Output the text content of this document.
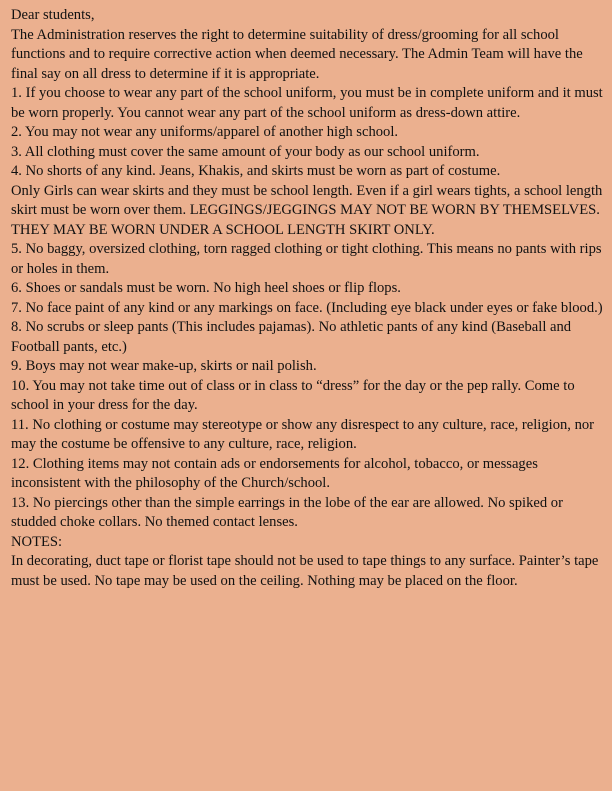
Dear students,

The Administration reserves the right to determine suitability of dress/grooming for all school functions and to require corrective action when deemed necessary. The Admin Team will have the final say on all dress to determine if it is appropriate.

1. If you choose to wear any part of the school uniform, you must be in complete uniform and it must be worn properly. You cannot wear any part of the school uniform as dress-down attire.

2. You may not wear any uniforms/apparel of another high school.

3. All clothing must cover the same amount of your body as our school uniform.

4. No shorts of any kind. Jeans, Khakis, and skirts must be worn as part of costume.

Only Girls can wear skirts and they must be school length. Even if a girl wears tights, a school length skirt must be worn over them. LEGGINGS/JEGGINGS MAY NOT BE WORN BY THEMSELVES. THEY MAY BE WORN UNDER A SCHOOL LENGTH SKIRT ONLY.

5. No baggy, oversized clothing, torn ragged clothing or tight clothing. This means no pants with rips or holes in them.

6. Shoes or sandals must be worn. No high heel shoes or flip flops.

7. No face paint of any kind or any markings on face. (Including eye black under eyes or fake blood.)

8. No scrubs or sleep pants (This includes pajamas). No athletic pants of any kind (Baseball and Football pants, etc.)

9. Boys may not wear make-up, skirts or nail polish.

10. You may not take time out of class or in class to “dress” for the day or the pep rally. Come to school in your dress for the day.

11. No clothing or costume may stereotype or show any disrespect to any culture, race, religion, nor may the costume be offensive to any culture, race, religion.

12. Clothing items may not contain ads or endorsements for alcohol, tobacco, or messages inconsistent with the philosophy of the Church/school.

13. No piercings other than the simple earrings in the lobe of the ear are allowed. No spiked or studded choke collars. No themed contact lenses.

NOTES:

In decorating, duct tape or florist tape should not be used to tape things to any surface. Painter’s tape must be used. No tape may be used on the ceiling. Nothing may be placed on the floor.
